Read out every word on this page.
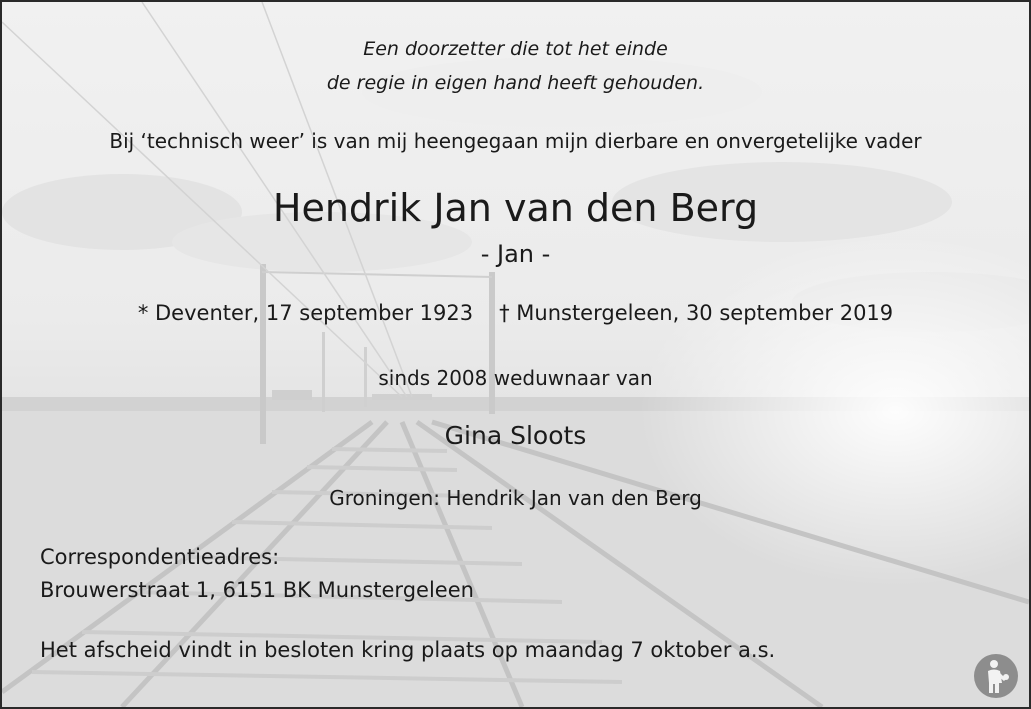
Een doorzetter die tot het einde
de regie in eigen hand heeft gehouden.
Bij ‘technisch weer’ is van mij heengegaan mijn dierbare en onvergetelijke vader
Hendrik Jan van den Berg
- Jan -
* Deventer, 17 september 1923 † Munstergeleen, 30 september 2019
sinds 2008 weduwnaar van
Gina Sloots
Groningen: Hendrik Jan van den Berg
Correspondentieadres:
Brouwerstraat 1, 6151 BK Munstergeleen
Het afscheid vindt in besloten kring plaats op maandag 7 oktober a.s.
